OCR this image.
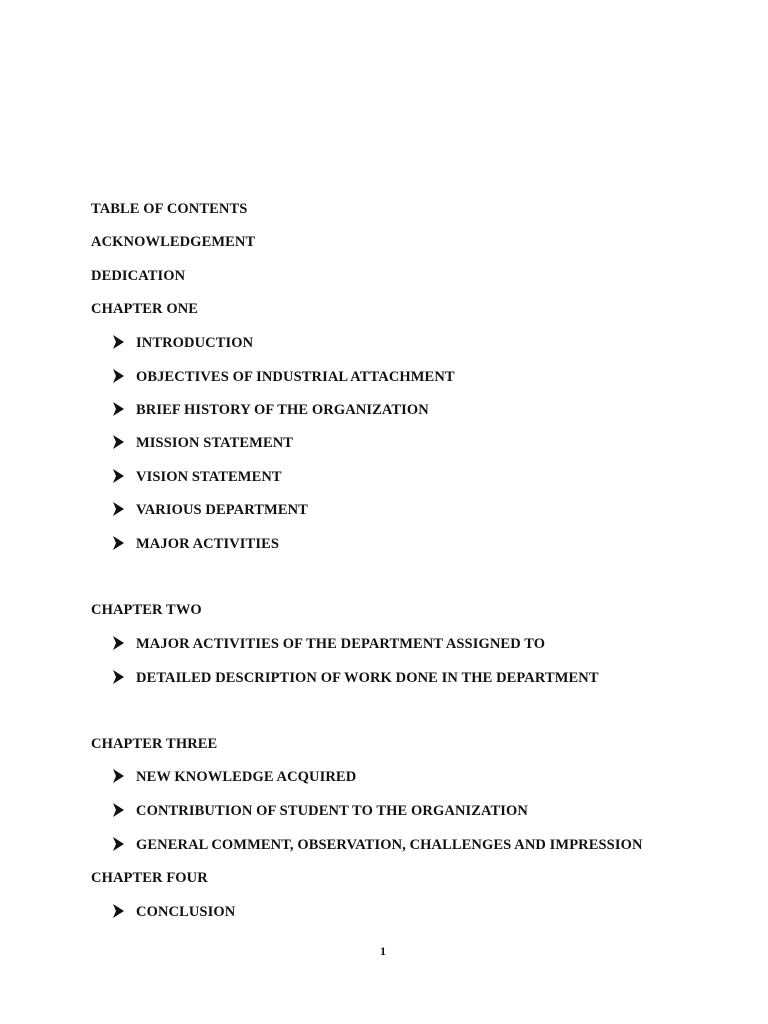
TABLE OF CONTENTS
ACKNOWLEDGEMENT
DEDICATION
CHAPTER ONE
INTRODUCTION
OBJECTIVES OF INDUSTRIAL ATTACHMENT
BRIEF HISTORY OF THE ORGANIZATION
MISSION STATEMENT
VISION STATEMENT
VARIOUS DEPARTMENT
MAJOR ACTIVITIES
CHAPTER TWO
MAJOR ACTIVITIES OF THE DEPARTMENT ASSIGNED TO
DETAILED DESCRIPTION OF WORK DONE IN THE DEPARTMENT
CHAPTER THREE
NEW KNOWLEDGE ACQUIRED
CONTRIBUTION OF STUDENT TO THE ORGANIZATION
GENERAL COMMENT, OBSERVATION, CHALLENGES AND IMPRESSION
CHAPTER FOUR
CONCLUSION
1
